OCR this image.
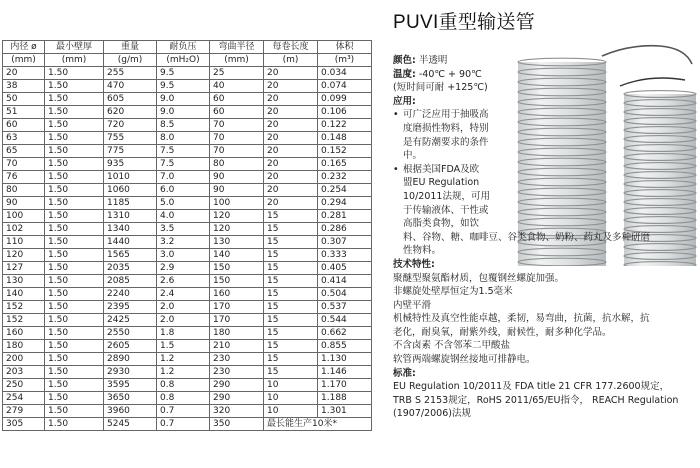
内径 ø	最小壁厚	重量	耐负压	弯曲半径	每卷长度	体积
(mm)	(mm)	(g/m)	(mH₂O)	(mm)	(m)	(m³)
20	1.50	255	9.5	25	20	0.034
38	1.50	470	9.5	40	20	0.074
50	1.50	605	9.0	60	20	0.099
51	1.50	620	9.0	60	20	0.106
60	1.50	720	8.5	70	20	0.122
63	1.50	755	8.0	70	20	0.148
65	1.50	775	7.5	70	20	0.152
70	1.50	935	7.5	80	20	0.165
76	1.50	1010	7.0	90	20	0.232
80	1.50	1060	6.0	90	20	0.254
90	1.50	1185	5.0	100	20	0.294
100	1.50	1310	4.0	120	15	0.281
102	1.50	1340	3.5	120	15	0.286
110	1.50	1440	3.2	130	15	0.307
120	1.50	1565	3.0	140	15	0.333
127	1.50	2035	2.9	150	15	0.405
130	1.50	2085	2.6	150	15	0.414
140	1.50	2240	2.4	160	15	0.504
152	1.50	2395	2.0	170	15	0.537
152	1.50	2425	2.0	170	15	0.544
160	1.50	2550	1.8	180	15	0.662
180	1.50	2605	1.5	210	15	0.855
200	1.50	2890	1.2	230	15	1.130
203	1.50	2930	1.2	230	15	1.146
250	1.50	3595	0.8	290	10	1.170
254	1.50	3650	0.8	290	10	1.188
279	1.50	3960	0.7	320	10	1.301
305	1.50	5245	0.7	350	最长能生产10米*	
PUVI重型输送管
颜色: 半透明
温度: -40℃ + 90℃
(短时间可耐 +125℃)
应用:
• 可广泛应用于抽吸高
度磨损性物料，特别
是有防潮要求的条件
中。
• 根据美国FDA及欧
盟EU Regulation
10/2011法规，可用
于传输液体、干性或
高脂类食物，如饮
料、谷物、糖、咖啡豆、谷类食物、奶粉、药丸及多种研磨
性物料。
技术特性:
聚醚型聚氨酯材质，包覆钢丝螺旋加强。
非螺旋处壁厚恒定为1.5毫米
内壁平滑
机械特性及真空性能卓越，柔韧，易弯曲，抗菌，抗水解，抗
老化，耐臭氧，耐紫外线，耐候性，耐多种化学品。
不含卤素 不含邻苯二甲酸盐
软管两端螺旋钢丝接地可排静电。
标准:
EU Regulation 10/2011及 FDA title 21 CFR 177.2600规定，
TRB S 2153规定，RoHS 2011/65/EU指令， REACH Regulation
(1907/2006)法规
